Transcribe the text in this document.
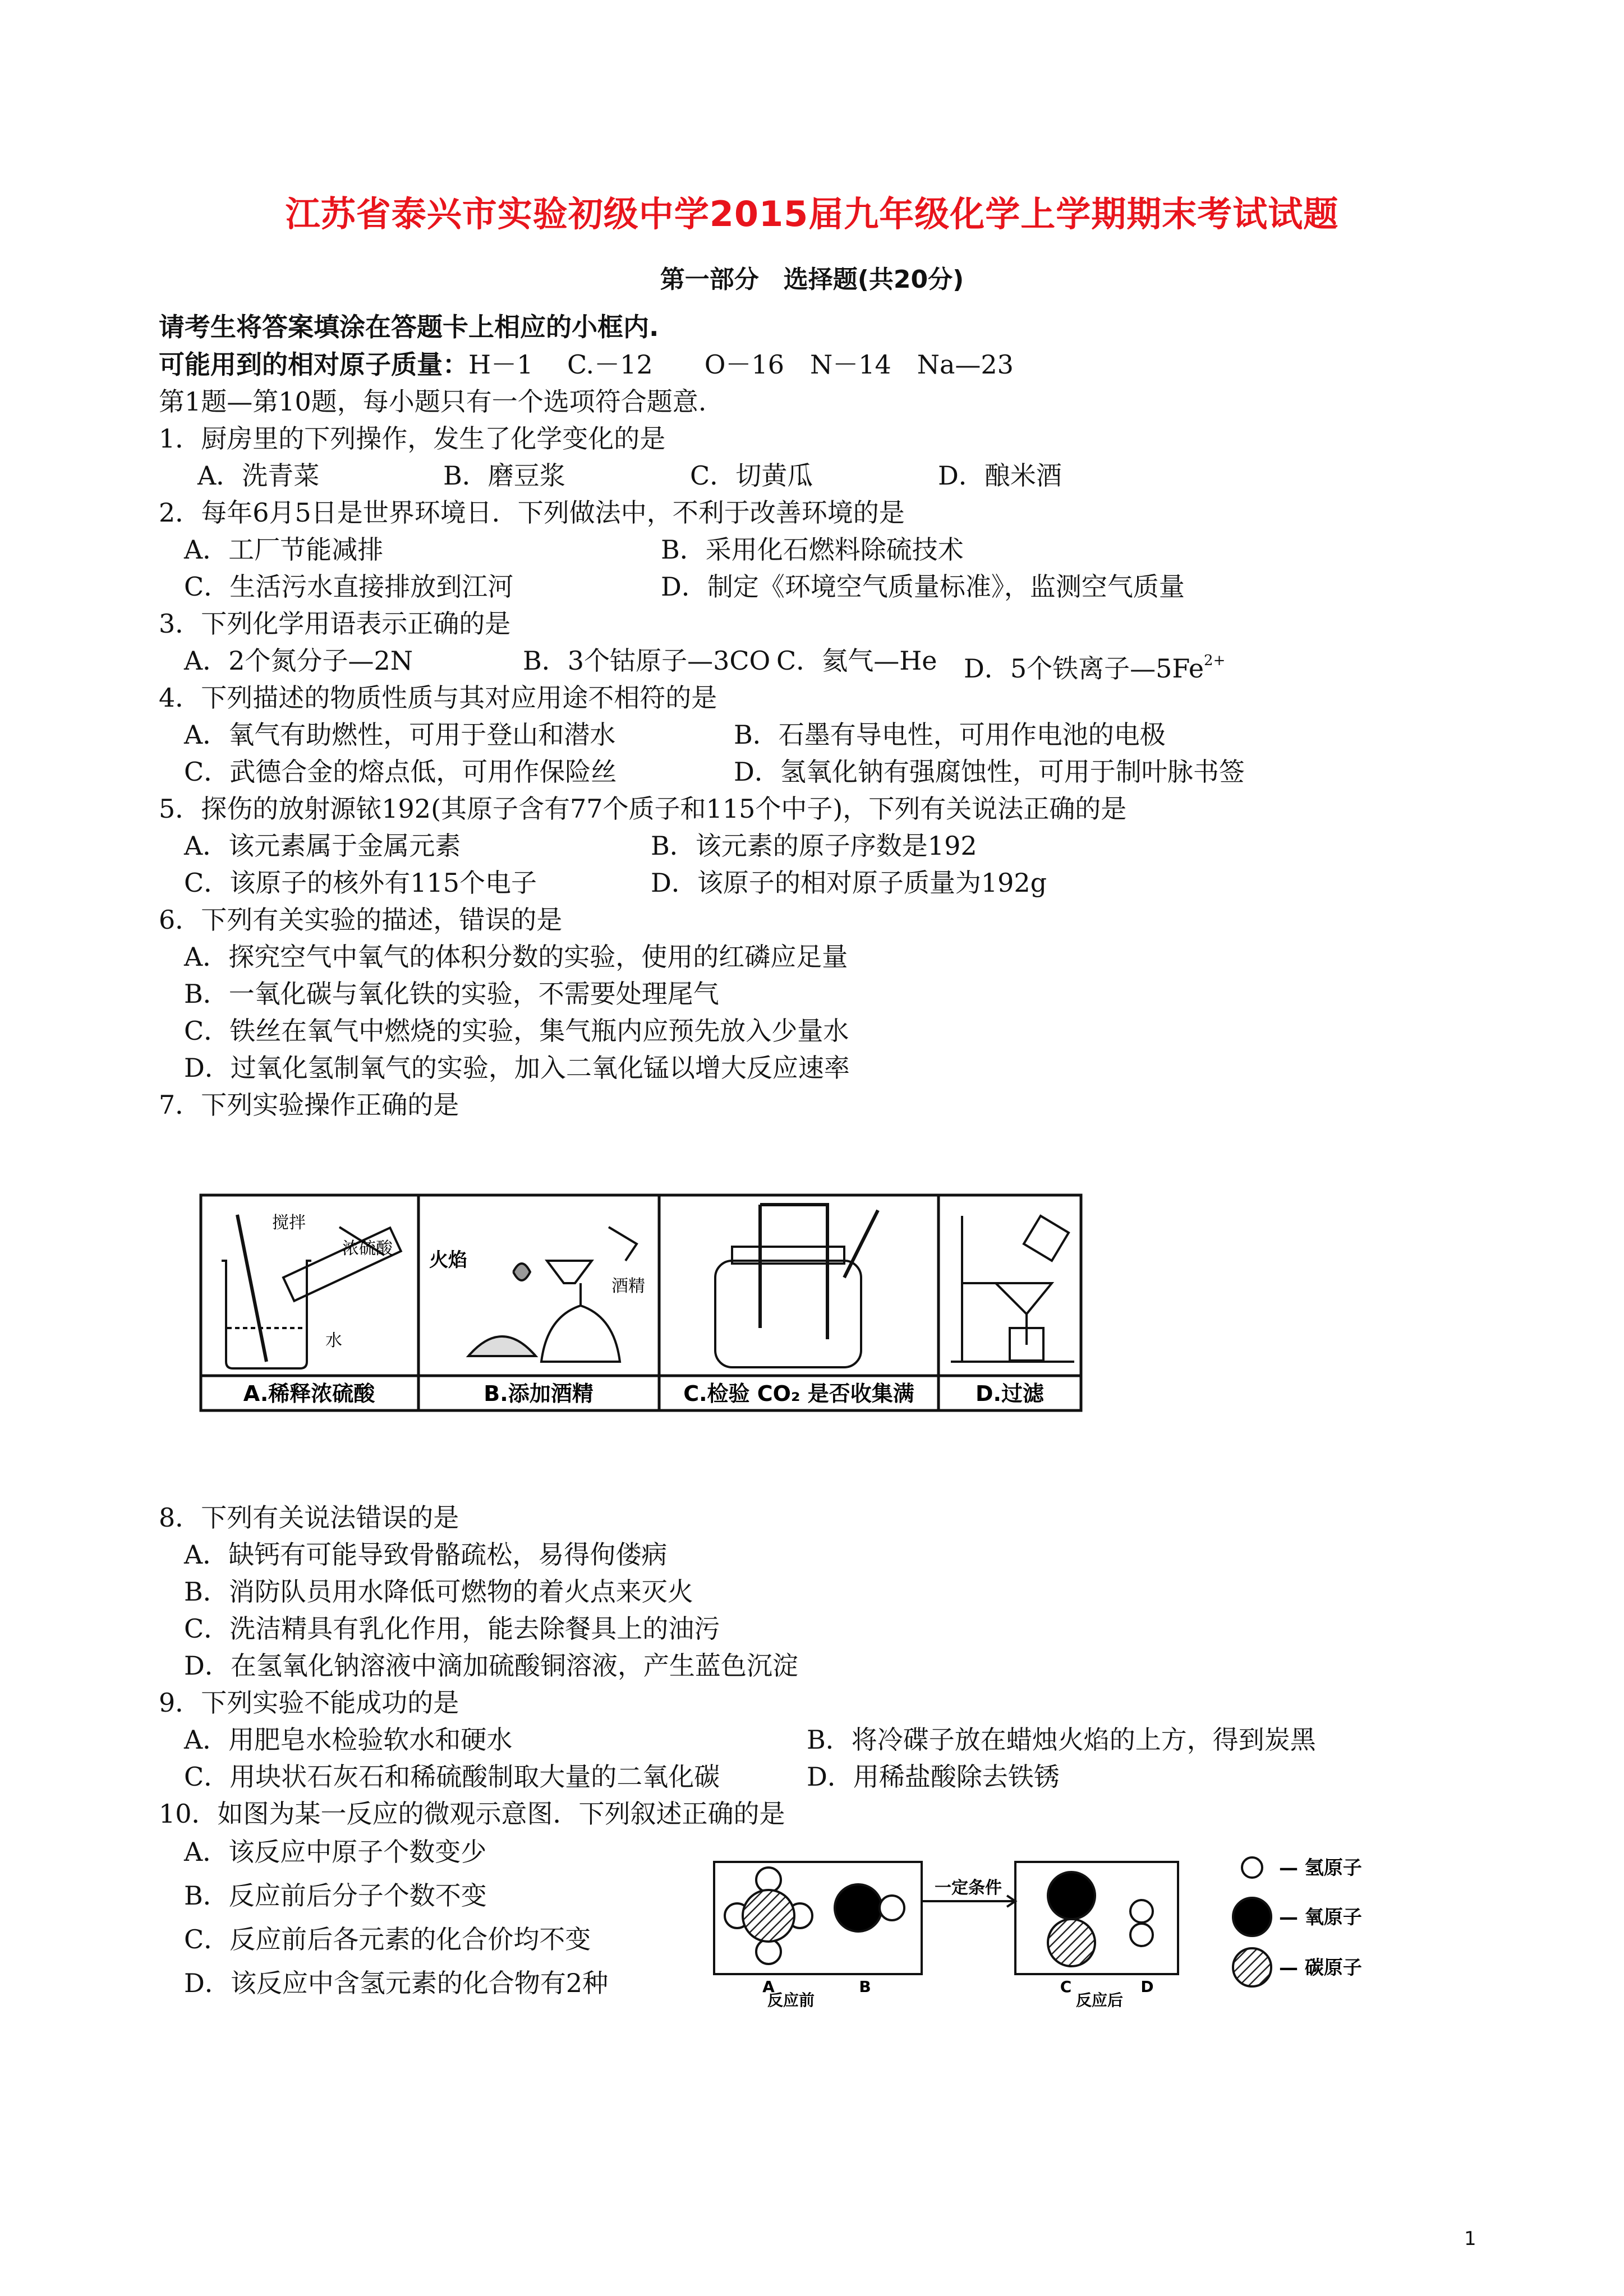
江苏省泰兴市实验初级中学2015届九年级化学上学期期末考试试题
第一部分　选择题(共20分)
请考生将答案填涂在答题卡上相应的小框内.
可能用到的相对原子质量：H－1　 C.－12　　O－16　N－14　Na—23
第1题—第10题，每小题只有一个选项符合题意.
1．厨房里的下列操作，发生了化学变化的是
A．洗青菜	B．磨豆浆	C．切黄瓜	D．酿米酒
2．每年6月5日是世界环境日．下列做法中，不利于改善环境的是
A．工厂节能减排	B．采用化石燃料除硫技术
C．生活污水直接排放到江河	D．制定《环境空气质量标准》，监测空气质量
3．下列化学用语表示正确的是
A．2个氮分子—2N	B．3个钴原子—3CO C．氦气—He D．5个铁离子$—5Fe^{2+}$
4．下列描述的物质性质与其对应用途不相符的是
A．氧气有助燃性，可用于登山和潜水	B．石墨有导电性，可用作电池的电极
C．武德合金的熔点低，可用作保险丝	D．氢氧化钠有强腐蚀性，可用于制叶脉书签
5．探伤的放射源铱192(其原子含有77个质子和115个中子)，下列有关说法正确的是
A．该元素属于金属元素	B．该元素的原子序数是192
C．该原子的核外有115个电子	D．该原子的相对原子质量为192g
6．下列有关实验的描述，错误的是
A．探究空气中氧气的体积分数的实验，使用的红磷应足量
B．一氧化碳与氧化铁的实验，不需要处理尾气
C．铁丝在氧气中燃烧的实验，集气瓶内应预先放入少量水
D．过氧化氢制氧气的实验，加入二氧化锰以增大反应速率
7．下列实验操作正确的是
搅拌
浓硫酸
水
火焰
酒精
A.稀释浓硫酸	B.添加酒精	C.检验 CO₂ 是否收集满	D.过滤
8．下列有关说法错误的是
A．缺钙有可能导致骨骼疏松，易得佝偻病
B．消防队员用水降低可燃物的着火点来灭火
C．洗洁精具有乳化作用，能去除餐具上的油污
D．在氢氧化钠溶液中滴加硫酸铜溶液，产生蓝色沉淀
9．下列实验不能成功的是
A．用肥皂水检验软水和硬水	B．将冷碟子放在蜡烛火焰的上方，得到炭黑
C．用块状石灰石和稀硫酸制取大量的二氧化碳	D．用稀盐酸除去铁锈
10．如图为某一反应的微观示意图．下列叙述正确的是
A．该反应中原子个数变少
B．反应前后分子个数不变
C．反应前后各元素的化合价均不变
D．该反应中含氢元素的化合物有2种
一定条件
A	B	C	D
反应前	反应后
— 氢原子
— 氧原子
— 碳原子
1
